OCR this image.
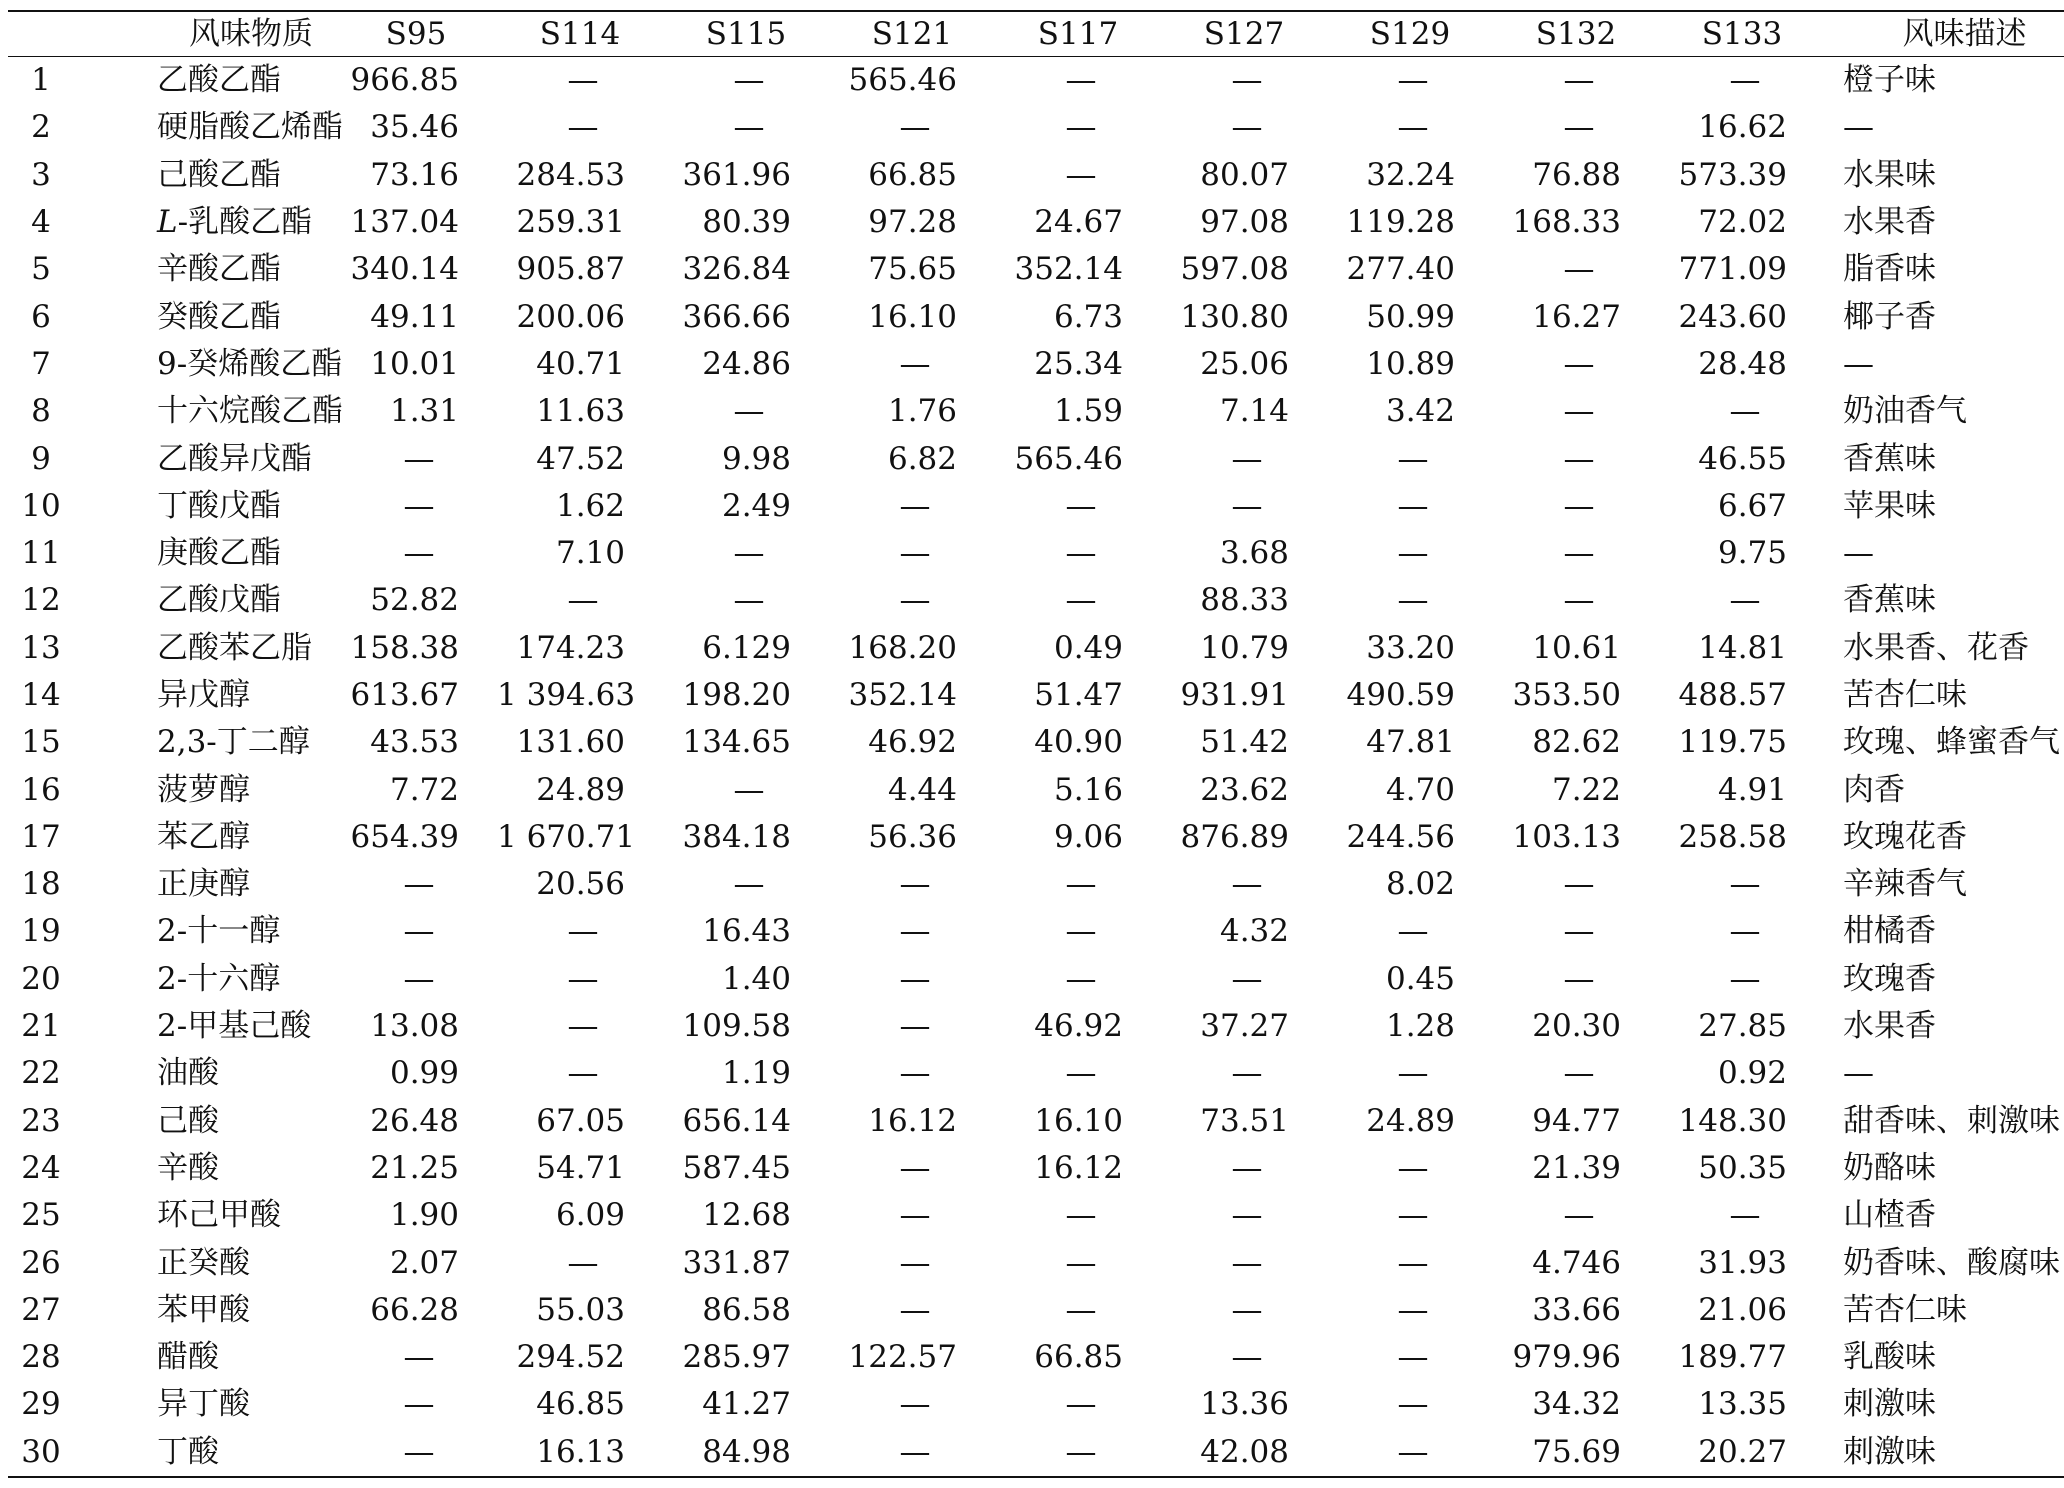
	风味物质	S95	S114	S115	S121	S117	S127	S129	S132	S133	风味描述
1	乙酸乙酯	966.85	—	—	565.46	—	—	—	—	—	橙子味
2	硬脂酸乙烯酯	35.46	—	—	—	—	—	—	—	16.62	—
3	己酸乙酯	73.16	284.53	361.96	66.85	—	80.07	32.24	76.88	573.39	水果味
4	L-乳酸乙酯	137.04	259.31	80.39	97.28	24.67	97.08	119.28	168.33	72.02	水果香
5	辛酸乙酯	340.14	905.87	326.84	75.65	352.14	597.08	277.40	—	771.09	脂香味
6	癸酸乙酯	49.11	200.06	366.66	16.10	6.73	130.80	50.99	16.27	243.60	椰子香
7	9-癸烯酸乙酯	10.01	40.71	24.86	—	25.34	25.06	10.89	—	28.48	—
8	十六烷酸乙酯	1.31	11.63	—	1.76	1.59	7.14	3.42	—	—	奶油香气
9	乙酸异戊酯	—	47.52	9.98	6.82	565.46	—	—	—	46.55	香蕉味
10	丁酸戊酯	—	1.62	2.49	—	—	—	—	—	6.67	苹果味
11	庚酸乙酯	—	7.10	—	—	—	3.68	—	—	9.75	—
12	乙酸戊酯	52.82	—	—	—	—	88.33	—	—	—	香蕉味
13	乙酸苯乙脂	158.38	174.23	6.129	168.20	0.49	10.79	33.20	10.61	14.81	水果香、花香
14	异戊醇	613.67	1 394.63	198.20	352.14	51.47	931.91	490.59	353.50	488.57	苦杏仁味
15	2,3-丁二醇	43.53	131.60	134.65	46.92	40.90	51.42	47.81	82.62	119.75	玫瑰、蜂蜜香气
16	菠萝醇	7.72	24.89	—	4.44	5.16	23.62	4.70	7.22	4.91	肉香
17	苯乙醇	654.39	1 670.71	384.18	56.36	9.06	876.89	244.56	103.13	258.58	玫瑰花香
18	正庚醇	—	20.56	—	—	—	—	8.02	—	—	辛辣香气
19	2-十一醇	—	—	16.43	—	—	4.32	—	—	—	柑橘香
20	2-十六醇	—	—	1.40	—	—	—	0.45	—	—	玫瑰香
21	2-甲基己酸	13.08	—	109.58	—	46.92	37.27	1.28	20.30	27.85	水果香
22	油酸	0.99	—	1.19	—	—	—	—	—	0.92	—
23	己酸	26.48	67.05	656.14	16.12	16.10	73.51	24.89	94.77	148.30	甜香味、刺激味
24	辛酸	21.25	54.71	587.45	—	16.12	—	—	21.39	50.35	奶酪味
25	环己甲酸	1.90	6.09	12.68	—	—	—	—	—	—	山楂香
26	正癸酸	2.07	—	331.87	—	—	—	—	4.746	31.93	奶香味、酸腐味
27	苯甲酸	66.28	55.03	86.58	—	—	—	—	33.66	21.06	苦杏仁味
28	醋酸	—	294.52	285.97	122.57	66.85	—	—	979.96	189.77	乳酸味
29	异丁酸	—	46.85	41.27	—	—	13.36	—	34.32	13.35	刺激味
30	丁酸	—	16.13	84.98	—	—	42.08	—	75.69	20.27	刺激味
